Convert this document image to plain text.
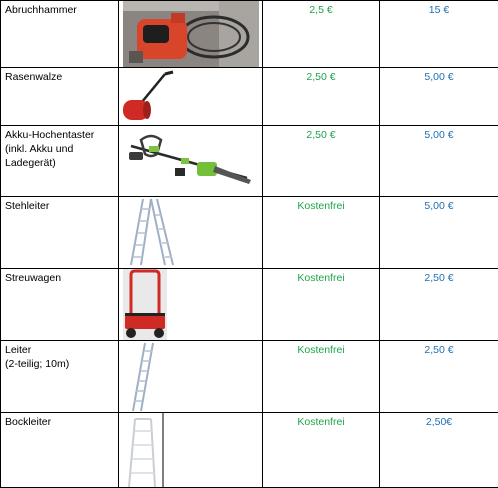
Abruchhammer		2,5 €	15 €

Rasenwalze		2,50 €	5,00 €

Akku-Hochentaster
(inkl. Akku und
Ladegerät)		2,50 €	5,00 €

Stehleiter		Kostenfrei	5,00 €

Streuwagen		Kostenfrei	2,50 €

Leiter
(2-teilig; 10m)		Kostenfrei	2,50 €

Bockleiter		Kostenfrei	2,50€
